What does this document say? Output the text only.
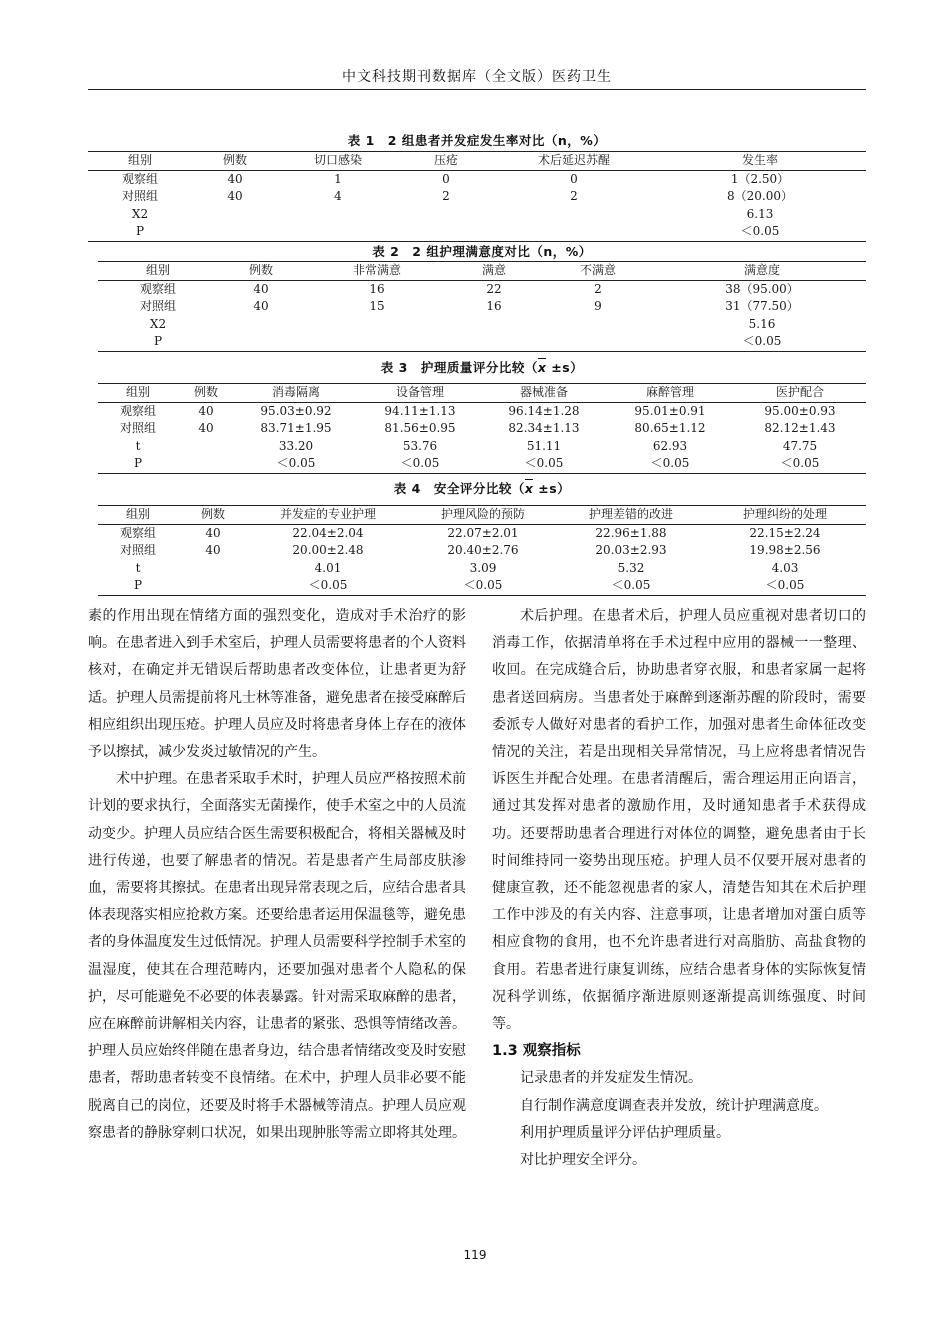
中文科技期刊数据库（全文版）医药卫生
表 1　2 组患者并发症发生率对比（n，%）
组别	例数	切口感染	压疮	术后延迟苏醒	发生率
观察组	40	1	0	0	1（2.50）
对照组	40	4	2	2	8（20.00）
X2					6.13
P					＜0.05
表 2　2 组护理满意度对比（n，%）
组别	例数	非常满意	满意	不满意	满意度
观察组	40	16	22	2	38（95.00）
对照组	40	15	16	9	31（77.50）
X2					5.16
P					＜0.05
表 3　护理质量评分比较（x ±s）
组别	例数	消毒隔离	设备管理	器械准备	麻醉管理	医护配合
观察组	40	95.03±0.92	94.11±1.13	96.14±1.28	95.01±0.91	95.00±0.93
对照组	40	83.71±1.95	81.56±0.95	82.34±1.13	80.65±1.12	82.12±1.43
t		33.20	53.76	51.11	62.93	47.75
P		＜0.05	＜0.05	＜0.05	＜0.05	＜0.05
表 4　安全评分比较（x ±s）
组别	例数	并发症的专业护理	护理风险的预防	护理差错的改进	护理纠纷的处理
观察组	40	22.04±2.04	22.07±2.01	22.96±1.88	22.15±2.24
对照组	40	20.00±2.48	20.40±2.76	20.03±2.93	19.98±2.56
t		4.01	3.09	5.32	4.03
P		＜0.05	＜0.05	＜0.05	＜0.05

素的作用出现在情绪方面的强烈变化，造成对手术治疗的影响。在患者进入到手术室后，护理人员需要将患者的个人资料核对，在确定并无错误后帮助患者改变体位，让患者更为舒适。护理人员需提前将凡士林等准备，避免患者在接受麻醉后相应组织出现压疮。护理人员应及时将患者身体上存在的液体予以擦拭，减少发炎过敏情况的产生。

术中护理。在患者采取手术时，护理人员应严格按照术前计划的要求执行，全面落实无菌操作，使手术室之中的人员流动变少。护理人员应结合医生需要积极配合，将相关器械及时进行传递，也要了解患者的情况。若是患者产生局部皮肤渗血，需要将其擦拭。在患者出现异常表现之后，应结合患者具体表现落实相应抢救方案。还要给患者运用保温毯等，避免患者的身体温度发生过低情况。护理人员需要科学控制手术室的温湿度，使其在合理范畴内，还要加强对患者个人隐私的保护，尽可能避免不必要的体表暴露。针对需采取麻醉的患者，应在麻醉前讲解相关内容，让患者的紧张、恐惧等情绪改善。护理人员应始终伴随在患者身边，结合患者情绪改变及时安慰患者，帮助患者转变不良情绪。在术中，护理人员非必要不能脱离自己的岗位，还要及时将手术器械等清点。护理人员应观察患者的静脉穿刺口状况，如果出现肿胀等需立即将其处理。

术后护理。在患者术后，护理人员应重视对患者切口的消毒工作，依据清单将在手术过程中应用的器械一一整理、收回。在完成缝合后，协助患者穿衣服，和患者家属一起将患者送回病房。当患者处于麻醉到逐渐苏醒的阶段时，需要委派专人做好对患者的看护工作，加强对患者生命体征改变情况的关注，若是出现相关异常情况，马上应将患者情况告诉医生并配合处理。在患者清醒后，需合理运用正向语言，通过其发挥对患者的激励作用，及时通知患者手术获得成功。还要帮助患者合理进行对体位的调整，避免患者由于长时间维持同一姿势出现压疮。护理人员不仅要开展对患者的健康宣教，还不能忽视患者的家人，清楚告知其在术后护理工作中涉及的有关内容、注意事项，让患者增加对蛋白质等相应食物的食用，也不允许患者进行对高脂肪、高盐食物的食用。若患者进行康复训练，应结合患者身体的实际恢复情况科学训练，依据循序渐进原则逐渐提高训练强度、时间等。

1.3 观察指标

记录患者的并发症发生情况。

自行制作满意度调查表并发放，统计护理满意度。

利用护理质量评分评估护理质量。

对比护理安全评分。

119
